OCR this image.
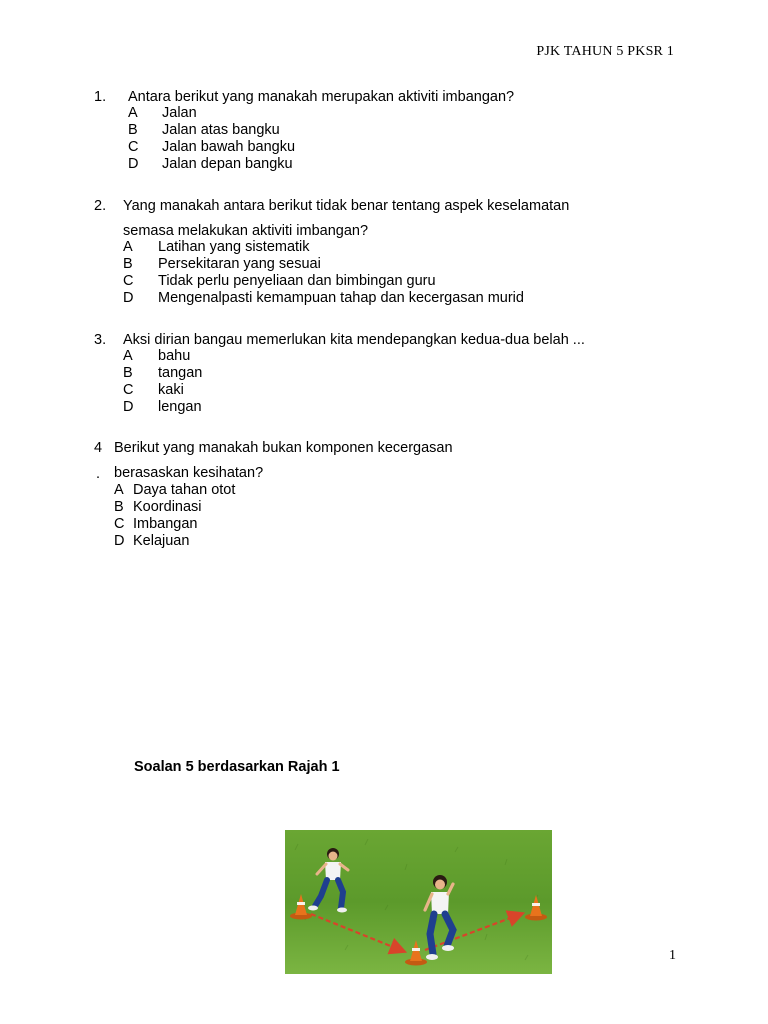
PJK TAHUN 5 PKSR 1
1. Antara berikut yang manakah merupakan aktiviti imbangan?
A Jalan
B Jalan atas bangku
C Jalan bawah bangku
D Jalan depan bangku
2. Yang manakah antara berikut tidak benar tentang aspek keselamatan
semasa melakukan aktiviti imbangan?
A Latihan yang sistematik
B Persekitaran yang sesuai
C Tidak perlu penyeliaan dan bimbingan guru
D Mengenalpasti kemampuan tahap dan kecergasan murid
3. Aksi dirian bangau memerlukan kita mendepangkan kedua-dua belah ...
A bahu
B tangan
C kaki
D lengan
4
.
Berikut yang manakah bukan komponen kecergasan
berasaskan kesihatan?
A Daya tahan otot
B Koordinasi
C Imbangan
D Kelajuan
Soalan 5 berdasarkan Rajah 1
1
